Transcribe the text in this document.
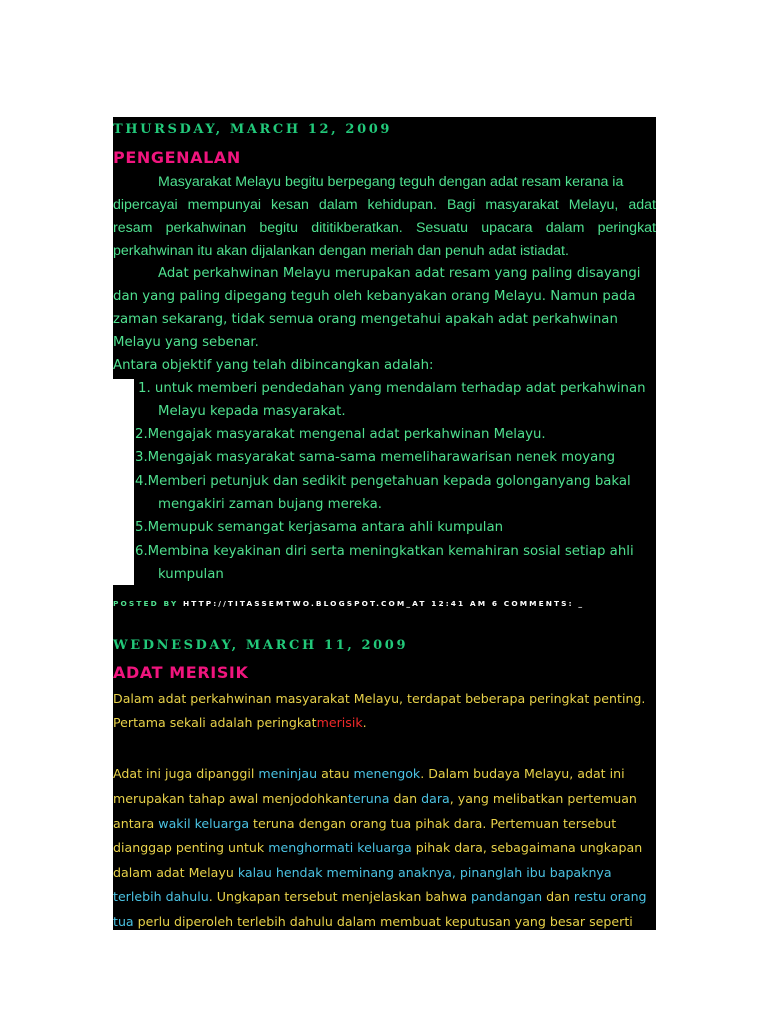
THURSDAY, MARCH 12, 2009
PENGENALAN
Masyarakat Melayu begitu berpegang teguh dengan adat resam kerana ia
dipercayai mempunyai kesan dalam kehidupan. Bagi masyarakat Melayu, adat
resam perkahwinan begitu dititikberatkan. Sesuatu upacara dalam peringkat
perkahwinan itu akan dijalankan dengan meriah dan penuh adat istiadat.
Adat perkahwinan Melayu merupakan adat resam yang paling disayangi
dan yang paling dipegang teguh oleh kebanyakan orang Melayu. Namun pada
zaman sekarang, tidak semua orang mengetahui apakah adat perkahwinan
Melayu yang sebenar.
Antara objektif yang telah dibincangkan adalah:
1. untuk memberi pendedahan yang mendalam terhadap adat perkahwinan
Melayu kepada masyarakat.
2.Mengajak masyarakat mengenal adat perkahwinan Melayu.
3.Mengajak masyarakat sama-sama memeliharawarisan nenek moyang
4.Memberi petunjuk dan sedikit pengetahuan kepada golonganyang bakal
mengakiri zaman bujang mereka.
5.Memupuk semangat kerjasama antara ahli kumpulan
6.Membina keyakinan diri serta meningkatkan kemahiran sosial setiap ahli
kumpulan
POSTED BY HTTP://TITASSEMTWO.BLOGSPOT.COM_AT 12:41 AM 6 COMMENTS: _
WEDNESDAY, MARCH 11, 2009
ADAT MERISIK
Dalam adat perkahwinan masyarakat Melayu, terdapat beberapa peringkat penting.
Pertama sekali adalah peringkatmerisik.
Adat ini juga dipanggil meninjau atau menengok. Dalam budaya Melayu, adat ini
merupakan tahap awal menjodohkanteruna dan dara, yang melibatkan pertemuan
antara wakil keluarga teruna dengan orang tua pihak dara. Pertemuan tersebut
dianggap penting untuk menghormati keluarga pihak dara, sebagaimana ungkapan
dalam adat Melayu kalau hendak meminang anaknya, pinanglah ibu bapaknya
terlebih dahulu. Ungkapan tersebut menjelaskan bahwa pandangan dan restu orang
tua perlu diperoleh terlebih dahulu dalam membuat keputusan yang besar seperti
